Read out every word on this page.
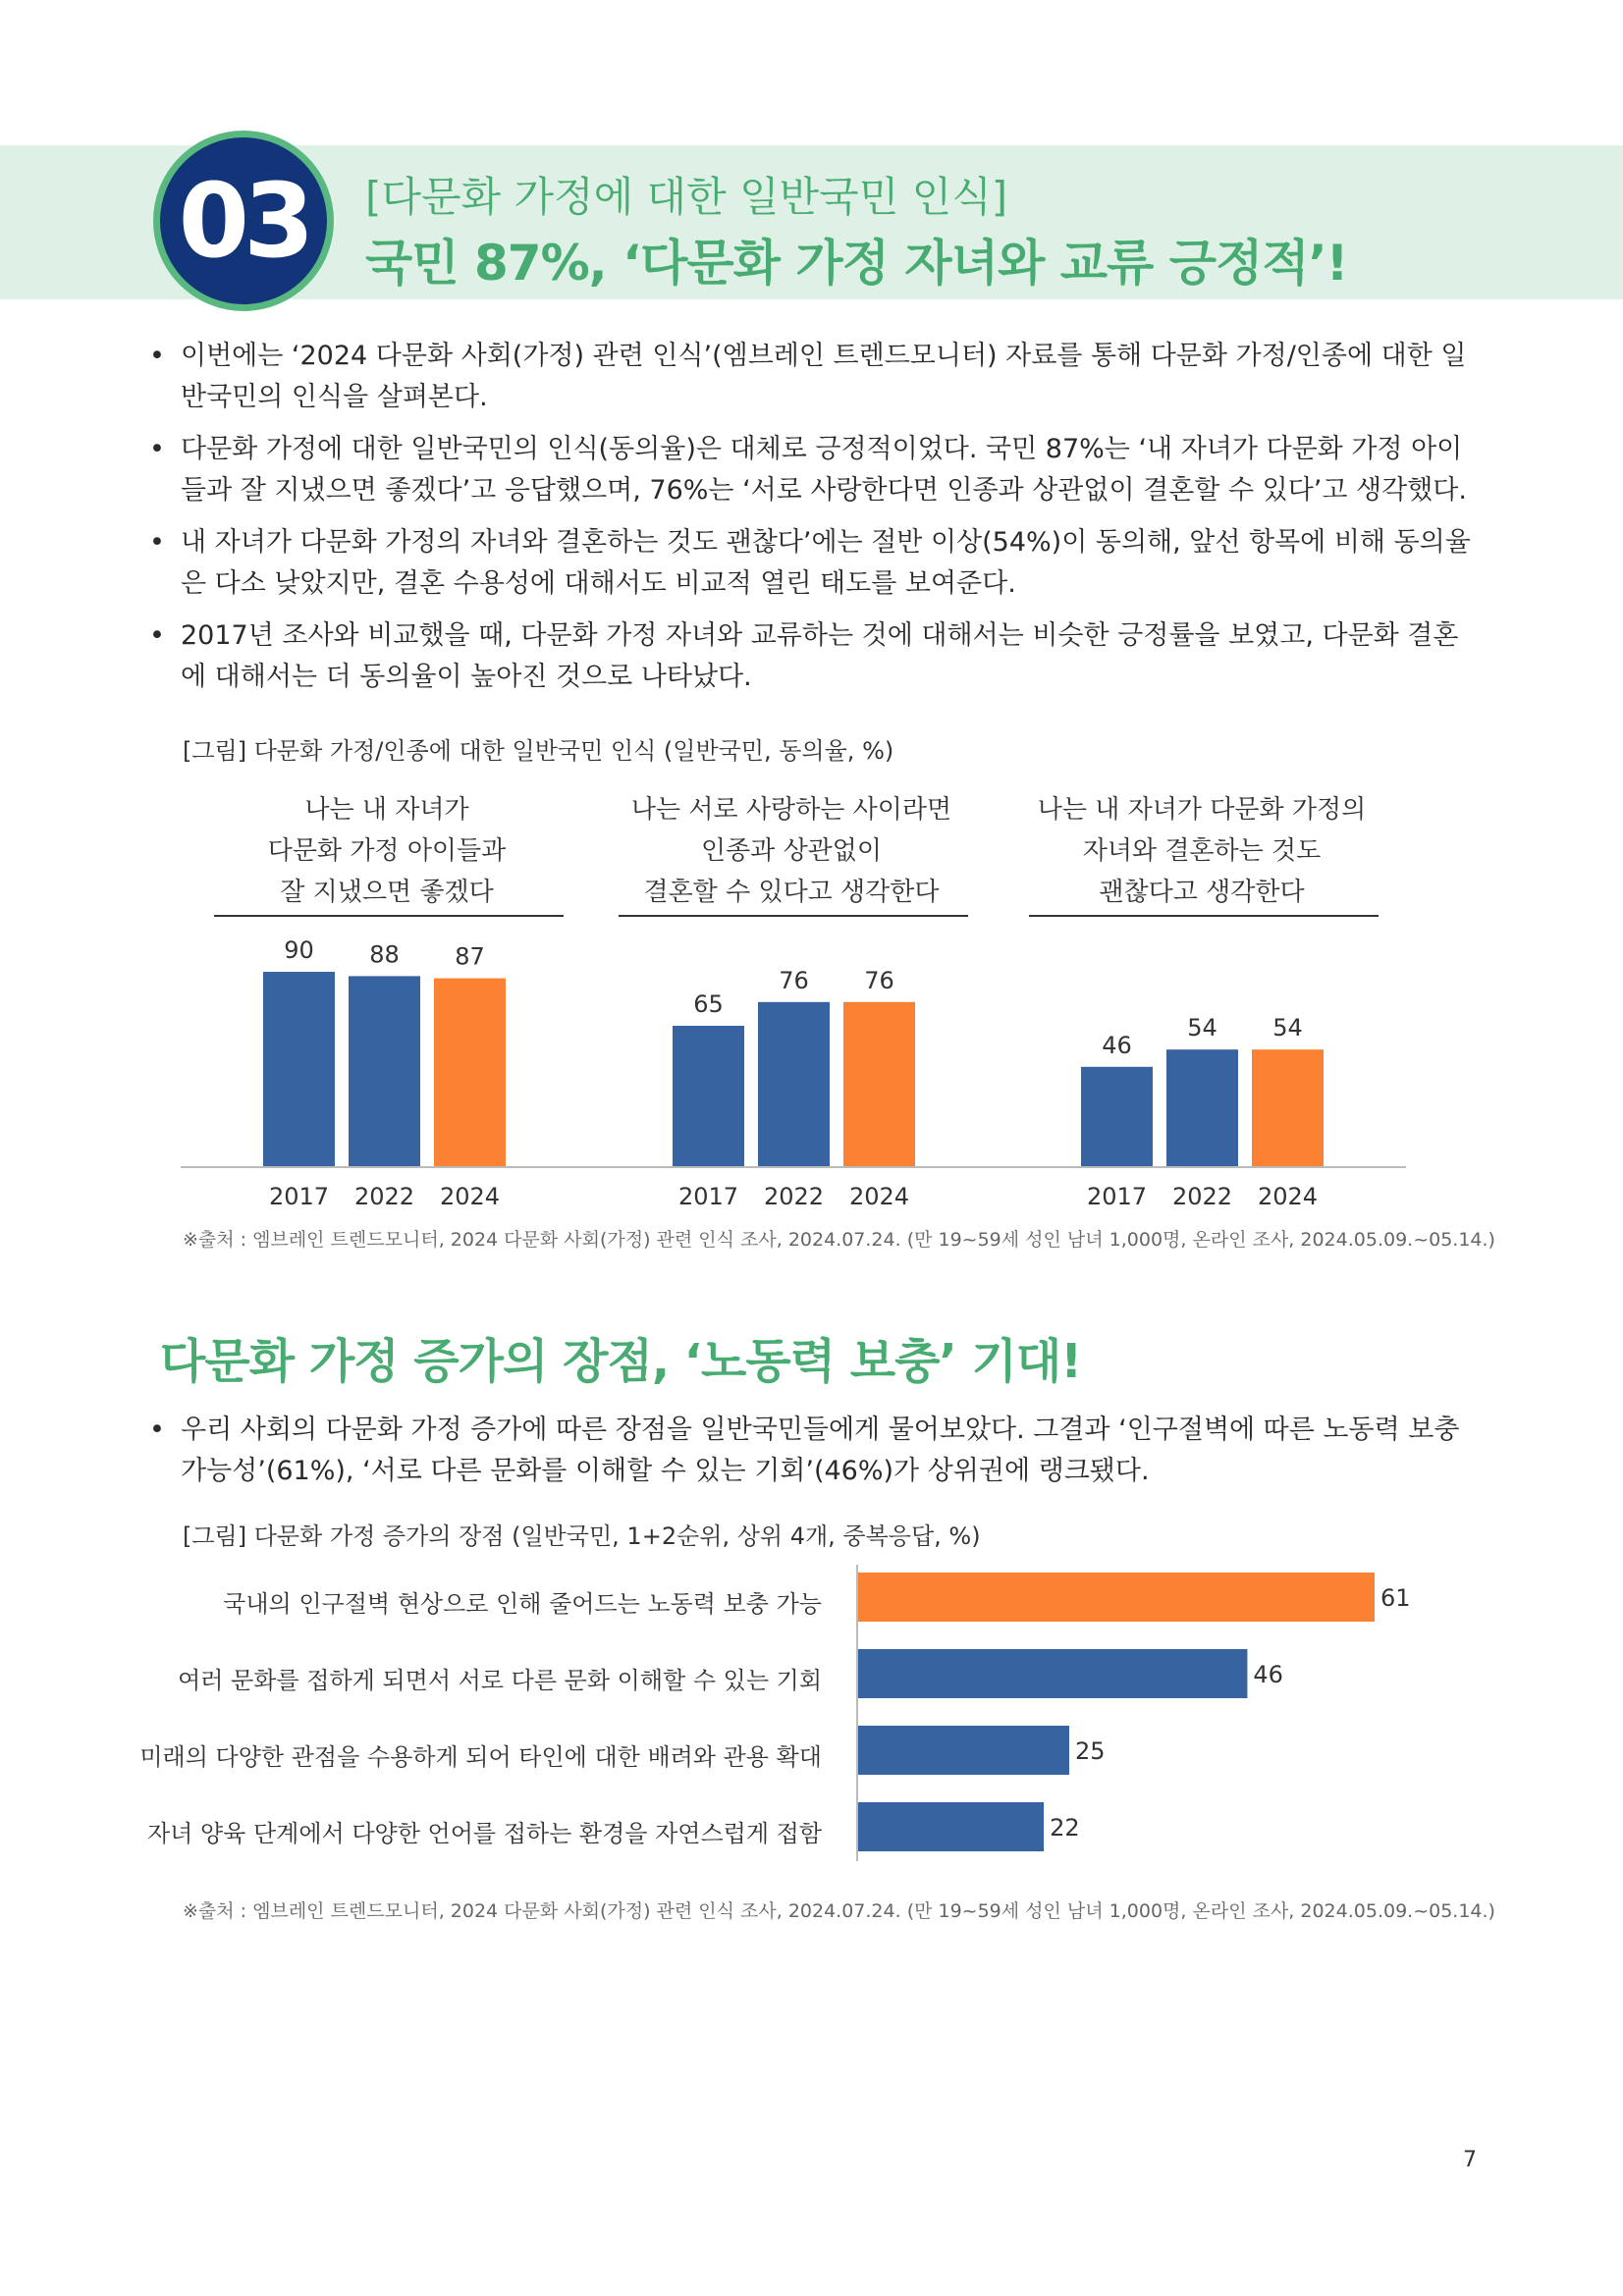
03 [다문화 가정에 대한 일반국민 인식]
국민 87%, ‘다문화 가정 자녀와 교류 긍정적’!
• 이번에는 ‘2024 다문화 사회(가정) 관련 인식’(엠브레인 트렌드모니터) 자료를 통해 다문화 가정/인종에 대한 일반국민의 인식을 살펴본다.
• 다문화 가정에 대한 일반국민의 인식(동의율)은 대체로 긍정적이었다. 국민 87%는 ‘내 자녀가 다문화 가정 아이들과 잘 지냈으면 좋겠다’고 응답했으며, 76%는 ‘서로 사랑한다면 인종과 상관없이 결혼할 수 있다’고 생각했다.
• 내 자녀가 다문화 가정의 자녀와 결혼하는 것도 괜찮다’에는 절반 이상(54%)이 동의해, 앞선 항목에 비해 동의율은 다소 낮았지만, 결혼 수용성에 대해서도 비교적 열린 태도를 보여준다.
• 2017년 조사와 비교했을 때, 다문화 가정 자녀와 교류하는 것에 대해서는 비슷한 긍정률을 보였고, 다문화 결혼에 대해서는 더 동의율이 높아진 것으로 나타났다.
[그림] 다문화 가정/인종에 대한 일반국민 인식 (일반국민, 동의율, %)
나는 내 자녀가
다문화 가정 아이들과
잘 지냈으면 좋겠다
나는 서로 사랑하는 사이라면
인종과 상관없이
결혼할 수 있다고 생각한다
나는 내 자녀가 다문화 가정의
자녀와 결혼하는 것도
괜찮다고 생각한다
90
2017
88
2022
87
2024
65
2017
76
2022
76
2024
46
2017
54
2022
54
2024
※출처 : 엠브레인 트렌드모니터, 2024 다문화 사회(가정) 관련 인식 조사, 2024.07.24. (만 19~59세 성인 남녀 1,000명, 온라인 조사, 2024.05.09.~05.14.)
다문화 가정 증가의 장점, ‘노동력 보충’ 기대!
• 우리 사회의 다문화 가정 증가에 따른 장점을 일반국민들에게 물어보았다. 그결과 ‘인구절벽에 따른 노동력 보충 가능성’(61%), ‘서로 다른 문화를 이해할 수 있는 기회’(46%)가 상위권에 랭크됐다.
[그림] 다문화 가정 증가의 장점 (일반국민, 1+2순위, 상위 4개, 중복응답, %)
국내의 인구절벽 현상으로 인해 줄어드는 노동력 보충 가능
여러 문화를 접하게 되면서 서로 다른 문화 이해할 수 있는 기회
미래의 다양한 관점을 수용하게 되어 타인에 대한 배려와 관용 확대
자녀 양육 단계에서 다양한 언어를 접하는 환경을 자연스럽게 접함
61
46
25
22
※출처 : 엠브레인 트렌드모니터, 2024 다문화 사회(가정) 관련 인식 조사, 2024.07.24. (만 19~59세 성인 남녀 1,000명, 온라인 조사, 2024.05.09.~05.14.)
7
